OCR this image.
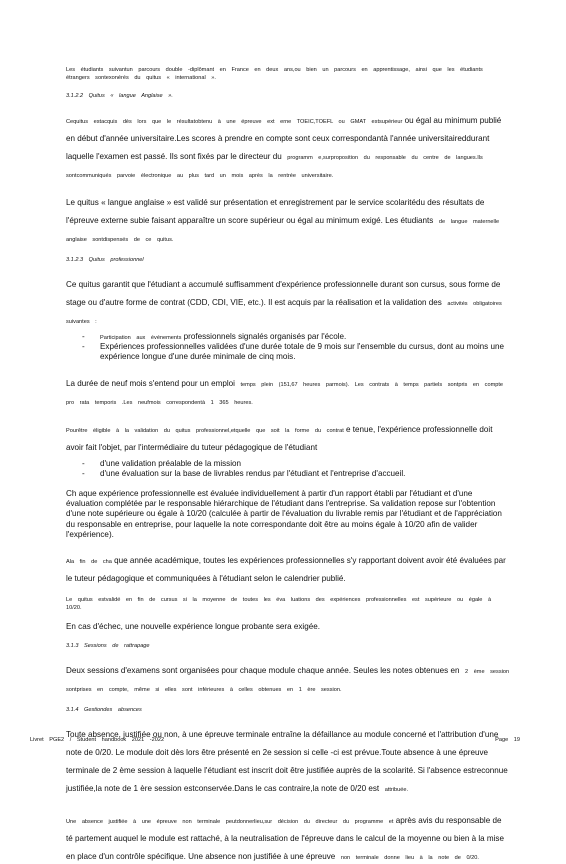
Les étudiants suivantun parcours double -diplômant en France en deux ans,ou bien un parcours en apprentissage, ainsi que les étudiants étrangers sontexonérés du quitus « international ».

3.1.2.2 Quitus « langue Anglaise ».

Cequitus estacquis dès lors que le résultatobtenu à une épreuve ext erne TOEIC,TOEFL ou GMAT estsupérieur ou égal au minimum publié en début d'année universitaire.Les scores à prendre en compte sont ceux correspondantà l'année universitaireddurant laquelle l'examen est passé. Ils sont fixés par le directeur du programm e,surproposition du responsable du centre de langues.Ils sontcommuniqués parvoie électronique au plus tard un mois après la rentrée universitaire.

Le quitus « langue anglaise » est validé sur présentation et enregistrement par le service scolaritédu des résultats de l'épreuve externe subie faisant apparaître un score supérieur ou égal au minimum exigé. Les étudiants de langue maternelle anglaise sontdispensés de ce quitus.

3.1.2.3 Quitus professionnel

Ce quitus garantit que l'étudiant a accumulé suffisamment d'expérience professionnelle durant son cursus, sous forme de stage ou d'autre forme de contrat (CDD, CDI, VIE, etc.). Il est acquis par la réalisation et la validation des activités obligatoires suivantes :

- Participation aux événements professionnels signalés organisés par l'école.
- Expériences professionnelles validées d'une durée totale de 9 mois sur l'ensemble du cursus, dont au moins une expérience longue d'une durée minimale de cinq mois.

La durée de neuf mois s'entend pour un emploi temps plein (151,67 heures parmois). Les contrats à temps partiels sontpris en compte pro rata temporis .Les neufmois correspondentà 1 365 heures.

Pourêtre éligible à la validation du quitus professionnel,etquelle que soit la forme du contrat e tenue, l'expérience professionnelle doit avoir fait l'objet, par l'intermédiaire du tuteur pédagogique de l'étudiant

- d'une validation préalable de la mission
- d'une évaluation sur la base de livrables rendus par l'étudiant et l'entreprise d'accueil.

Ch aque expérience professionnelle est évaluée individuellement à partir d'un rapport établi par l'étudiant et d'une évaluation complétée par le responsable hiérarchique de l'étudiant dans l'entreprise. Sa validation repose sur l'obtention d'une note supérieure ou égale à 10/20 (calculée à partir de l'évaluation du livrable remis par l'étudiant et de l'appréciation du responsable en entreprise, pour laquelle la note correspondante doit être au moins égale à 10/20 afin de valider l'expérience).

Ala fin de cha que année académique, toutes les expériences professionnelles s'y rapportant doivent avoir été évaluées par le tuteur pédagogique et communiquées à l'étudiant selon le calendrier publié.

Le quitus estvalidé en fin de cursus si la moyenne de toutes les éva luations des expériences professionnelles est supérieure ou égale à 10/20.

En cas d'échec, une nouvelle expérience longue probante sera exigée.

3.1.3 Sessions de rattrapage

Deux sessions d'examens sont organisées pour chaque module chaque année. Seules les notes obtenues en 2 ème session sontprises en compte, même si elles sont inférieures à celles obtenues en 1 ère session.

3.1.4 Gestiondes absences

Toute absence, justifiée ou non, à une épreuve terminale entraîne la défaillance au module concerné et l'attribution d'une note de 0/20. Le module doit dès lors être présenté en 2e session si celle -ci est prévue.Toute absence à une épreuve terminale de 2 ème session à laquelle l'étudiant est inscrit doit être justifiée auprès de la scolarité. Si l'absence estreconnue justifiée,la note de 1 ère session estconservée.Dans le cas contraire,la note de 0/20 est attribuée.

Une absence justifiée à une épreuve non terminale peutdonnerlieu,sur décision du directeur du programme et après avis du responsable de té partement auquel le module est rattaché, à la neutralisation de l'épreuve dans le calcul de la moyenne ou bien à la mise en place d'un contrôle spécifique. Une absence non justifiée à une épreuve non terminale donne lieu à la note de 0/20.

Livret PGE2 / Student handbook 2021 -2022	Page 19
